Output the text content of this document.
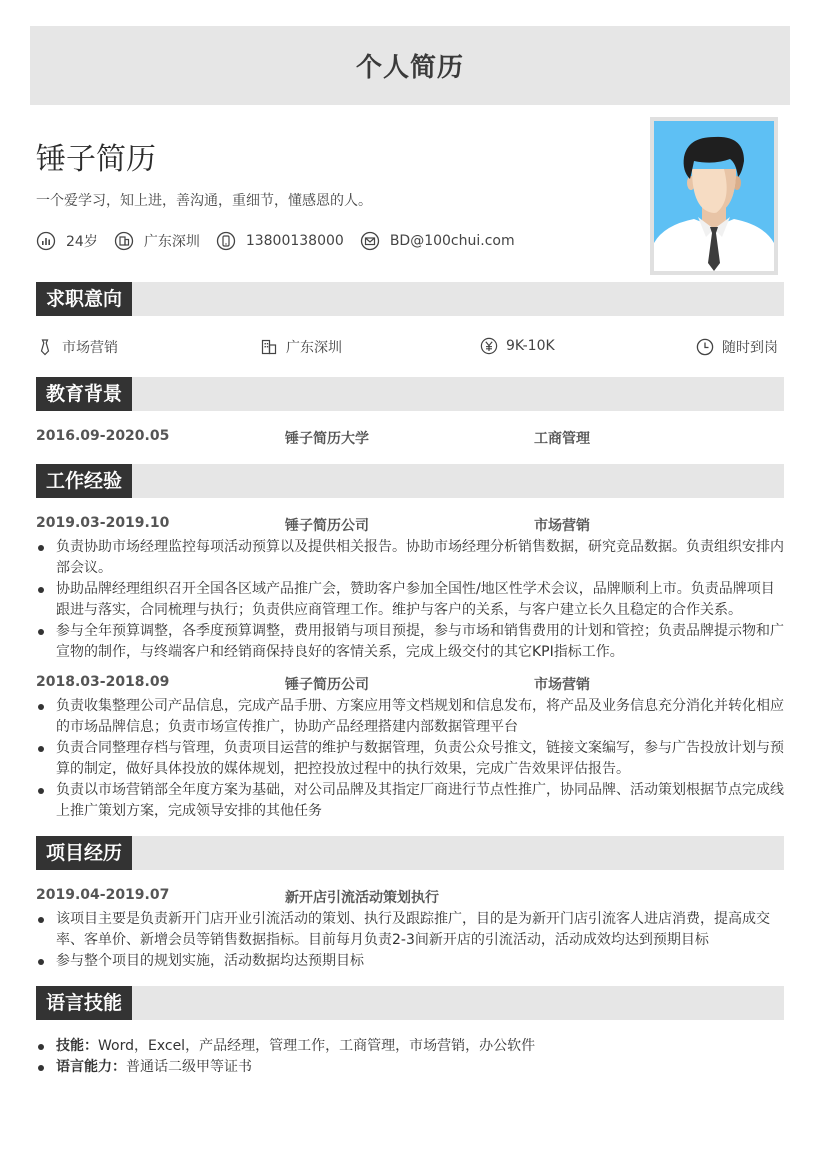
个人简历
锤子简历
一个爱学习，知上进，善沟通，重细节，懂感恩的人。
24岁	广东深圳	13800138000	BD@100chui.com
求职意向
市场营销	广东深圳	9K-10K	随时到岗
教育背景
2016.09-2020.05	锤子简历大学	工商管理
工作经验
2019.03-2019.10	锤子简历公司	市场营销
负责协助市场经理监控每项活动预算以及提供相关报告。协助市场经理分析销售数据，研究竞品数据。负责组织安排内部会议。
协助品牌经理组织召开全国各区域产品推广会，赞助客户参加全国性/地区性学术会议，品牌顺利上市。负责品牌项目跟进与落实，合同梳理与执行；负责供应商管理工作。维护与客户的关系，与客户建立长久且稳定的合作关系。
参与全年预算调整，各季度预算调整，费用报销与项目预提，参与市场和销售费用的计划和管控；负责品牌提示物和广宣物的制作，与终端客户和经销商保持良好的客情关系，完成上级交付的其它KPI指标工作。
2018.03-2018.09	锤子简历公司	市场营销
负责收集整理公司产品信息，完成产品手册、方案应用等文档规划和信息发布，将产品及业务信息充分消化并转化相应的市场品牌信息；负责市场宣传推广，协助产品经理搭建内部数据管理平台
负责合同整理存档与管理，负责项目运营的维护与数据管理，负责公众号推文，链接文案编写，参与广告投放计划与预算的制定，做好具体投放的媒体规划，把控投放过程中的执行效果，完成广告效果评估报告。
负责以市场营销部全年度方案为基础，对公司品牌及其指定厂商进行节点性推广，协同品牌、活动策划根据节点完成线上推广策划方案，完成领导安排的其他任务
项目经历
2019.04-2019.07	新开店引流活动策划执行
该项目主要是负责新开门店开业引流活动的策划、执行及跟踪推广，目的是为新开门店引流客人进店消费，提高成交率、客单价、新增会员等销售数据指标。目前每月负责2-3间新开店的引流活动，活动成效均达到预期目标
参与整个项目的规划实施，活动数据均达预期目标
语言技能
技能：Word，Excel，产品经理，管理工作，工商管理，市场营销，办公软件
语言能力：普通话二级甲等证书
